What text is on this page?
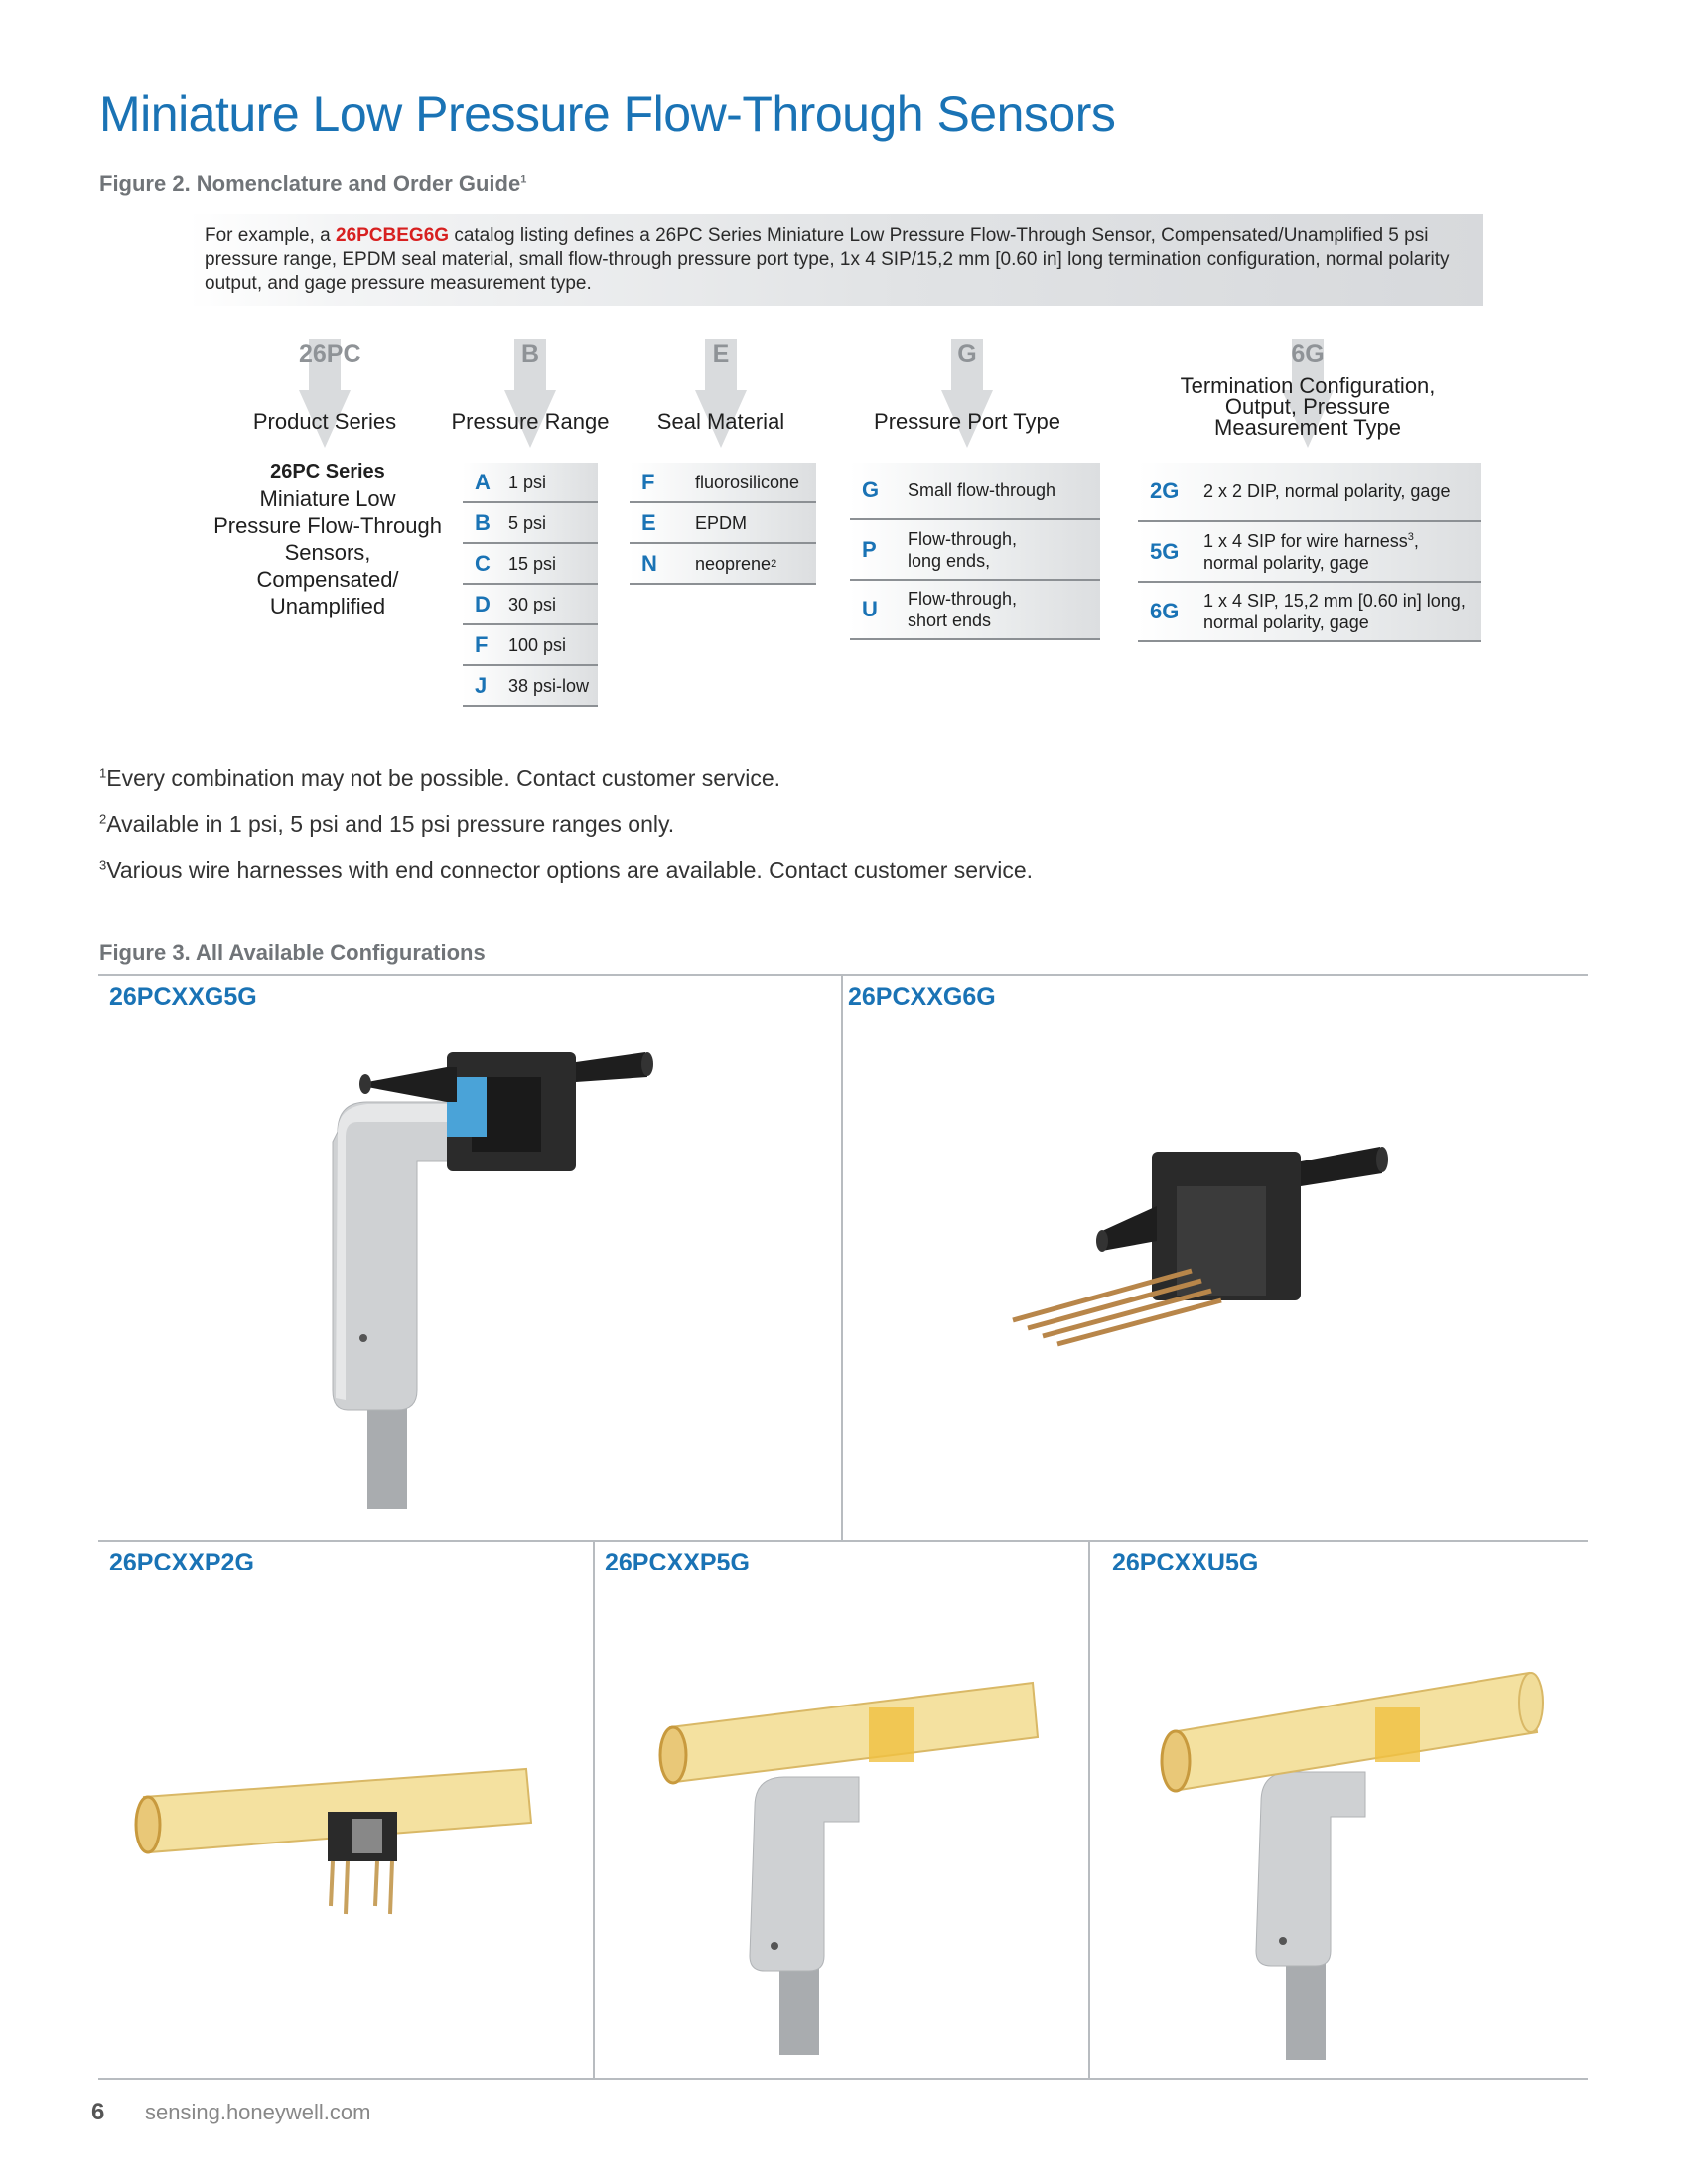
Miniature Low Pressure Flow-Through Sensors
Figure 2. Nomenclature and Order Guide$^1$
For example, a 26PCBEG6G catalog listing defines a 26PC Series Miniature Low Pressure Flow-Through Sensor, Compensated/Unamplified 5 psi pressure range, EPDM seal material, small flow-through pressure port type, 1x 4 SIP/15,2 mm [0.60 in] long termination configuration, normal polarity output, and gage pressure measurement type.
26PC	B	E	G	6G
Product Series	Pressure Range	Seal Material	Pressure Port Type
Termination Configuration,
Output, Pressure
Measurement Type
26PC Series
Miniature Low
Pressure Flow-Through
Sensors,
Compensated/
Unamplified
A 1 psi
B 5 psi
C 15 psi
D 30 psi
F 100 psi
J 38 psi-low
F fluorosilicone
E EPDM
N neoprene 2
G Small flow-through
P Flow-through,
long ends,
U Flow-through,
short ends
2G 2 x 2 DIP, normal polarity, gage
5G 1 x 4 SIP for wire harness$^3$,
normal polarity, gage
6G 1 x 4 SIP, 15,2 mm [0.60 in] long,
normal polarity, gage
$^1$Every combination may not be possible. Contact customer service.
$^2$Available in 1 psi, 5 psi and 15 psi pressure ranges only.
$^3$Various wire harnesses with end connector options are available. Contact customer service.
Figure 3. All Available Configurations
26PCXXG5G	26PCXXG6G
26PCXXP2G	26PCXXP5G	26PCXXU5G
6 sensing.honeywell.com
